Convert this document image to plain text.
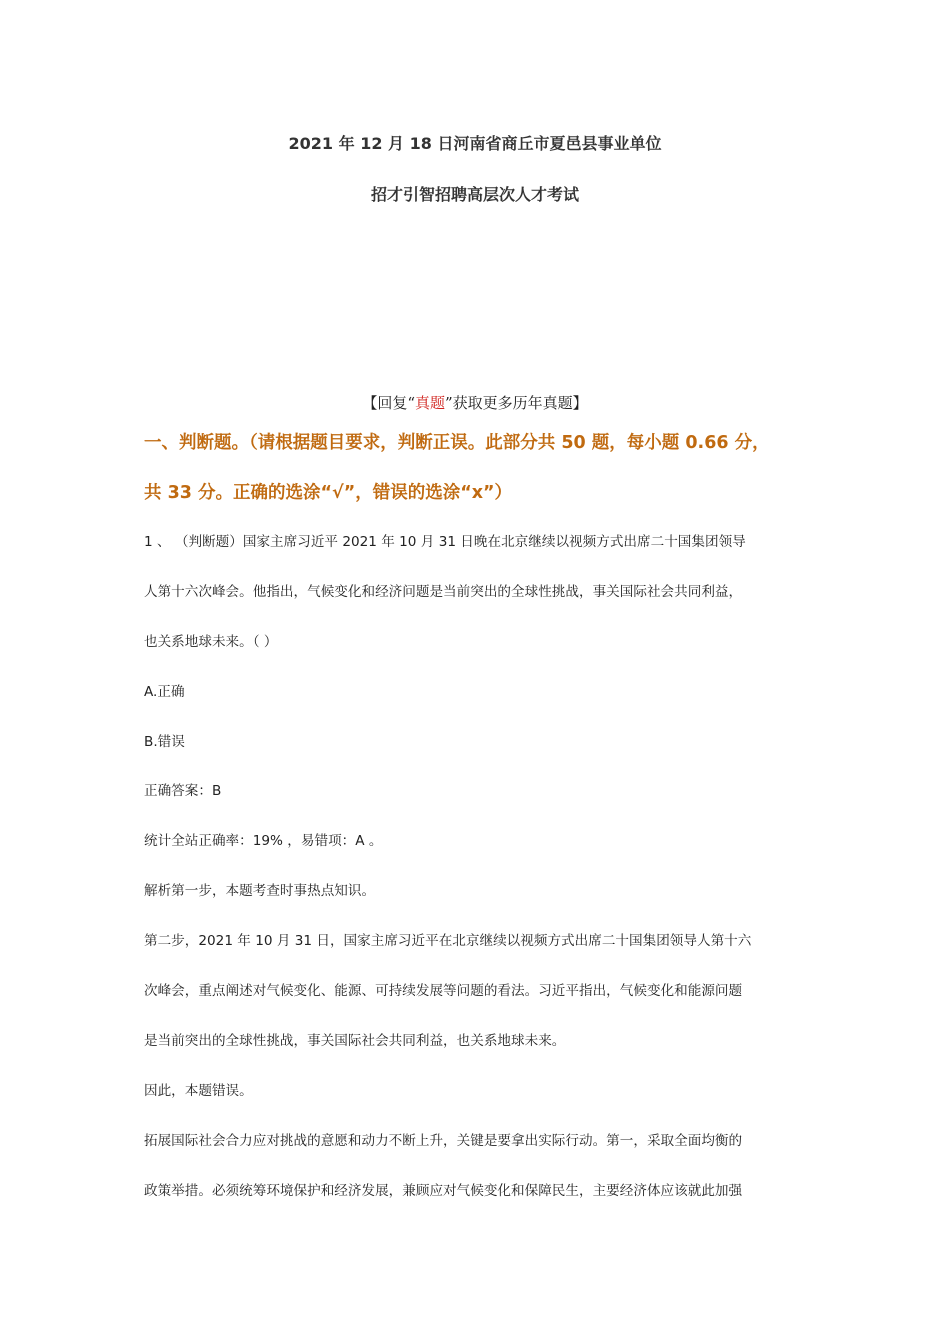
2021 年 12 月 18 日河南省商丘市夏邑县事业单位
招才引智招聘高层次人才考试
【回复“真题”获取更多历年真题】
一、判断题。（请根据题目要求，判断正误。此部分共 50 题，每小题 0.66 分，
共 33 分。正确的选涂“√”，错误的选涂“x”）
1 、 （判断题）国家主席习近平 2021 年 10 月 31 日晚在北京继续以视频方式出席二十国集团领导
人第十六次峰会。他指出，气候变化和经济问题是当前突出的全球性挑战，事关国际社会共同利益，
也关系地球未来。（ ）
A.正确
B.错误
正确答案：B
统计全站正确率：19% ，易错项：A 。
解析第一步，本题考查时事热点知识。
第二步，2021 年 10 月 31 日，国家主席习近平在北京继续以视频方式出席二十国集团领导人第十六
次峰会，重点阐述对气候变化、能源、可持续发展等问题的看法。习近平指出，气候变化和能源问题
是当前突出的全球性挑战，事关国际社会共同利益，也关系地球未来。
因此，本题错误。
拓展国际社会合力应对挑战的意愿和动力不断上升，关键是要拿出实际行动。第一，采取全面均衡的
政策举措。必须统筹环境保护和经济发展，兼顾应对气候变化和保障民生，主要经济体应该就此加强
